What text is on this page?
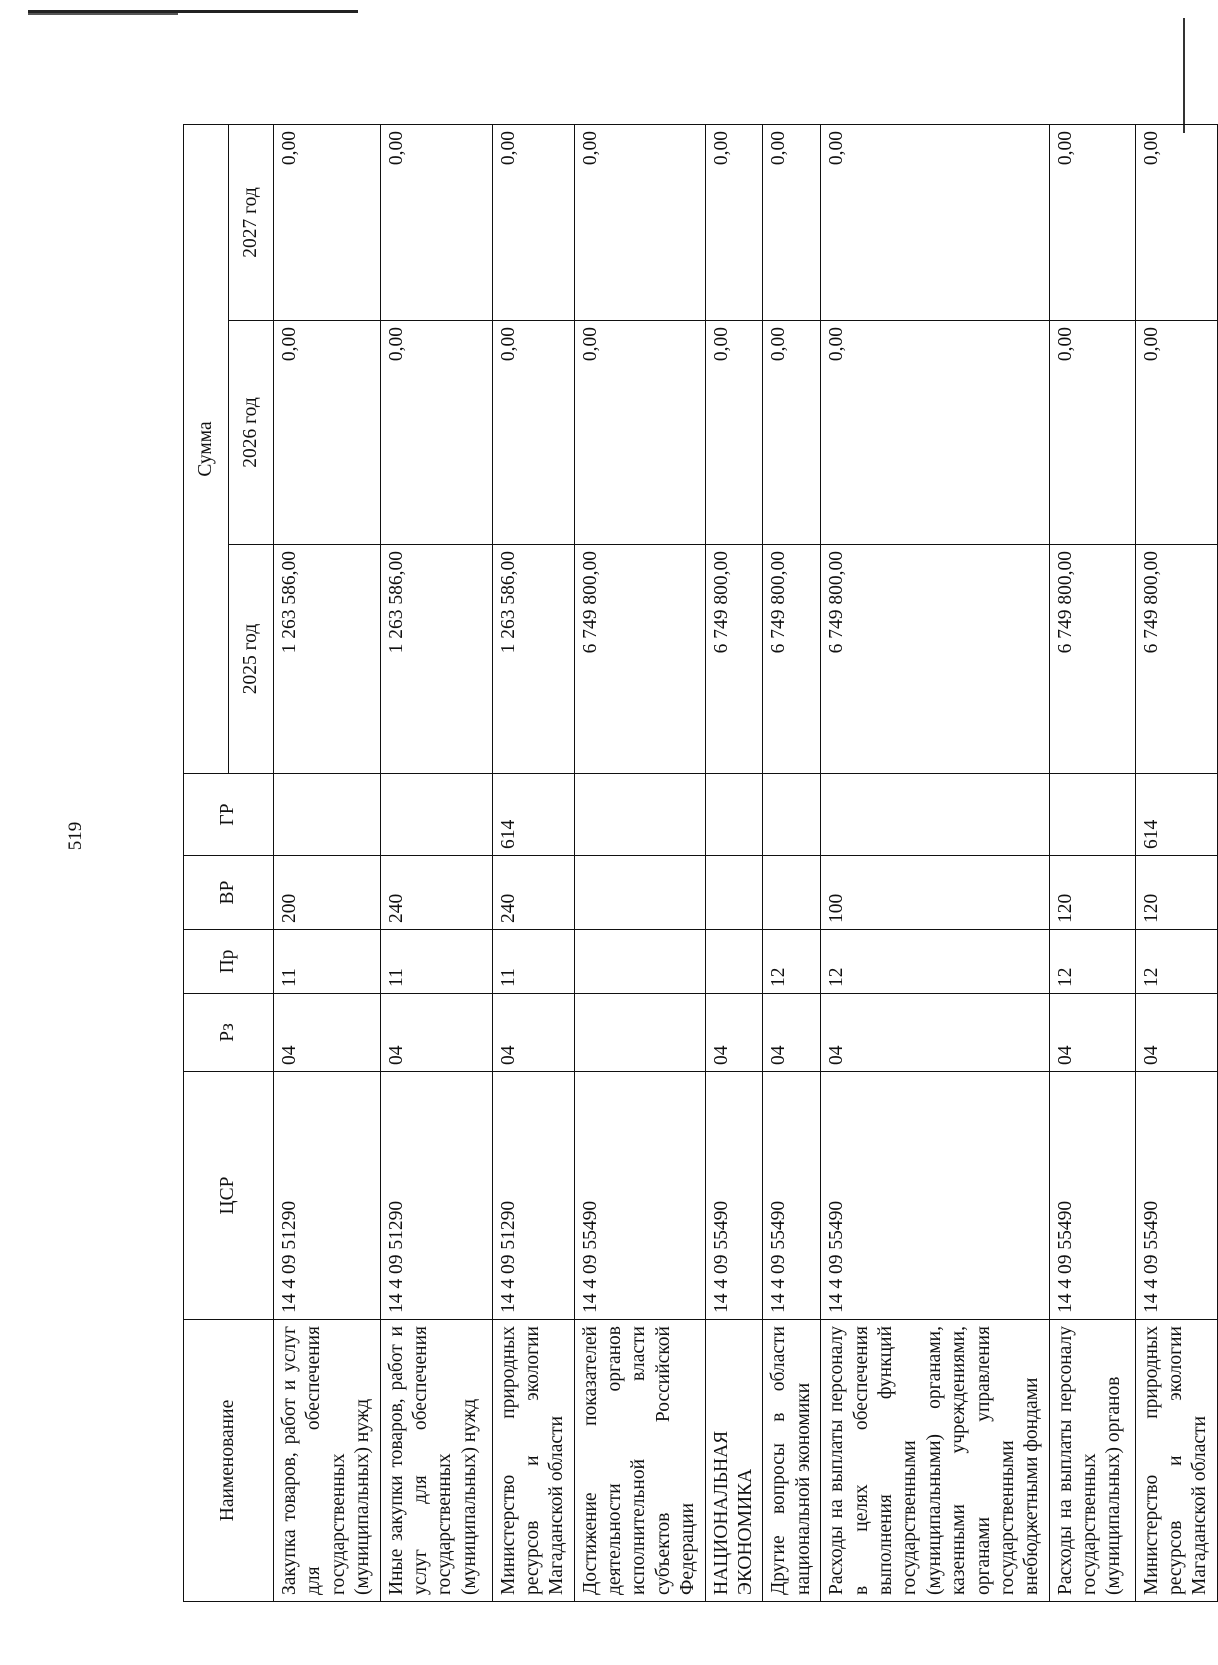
519
Наименование	ЦСР	Рз	Пр	ВР	ГР	Сумма		
						2025 год	2026 год	2027 год
Закупка товаров, работ и услуг для обеспечения государственных (муниципальных) нужд	14 4 09 51290	04	11	200		1 263 586,00	0,00	0,00
Иные закупки товаров, работ и услуг для обеспечения государственных (муниципальных) нужд	14 4 09 51290	04	11	240		1 263 586,00	0,00	0,00
Министерство природных ресурсов и экологии Магаданской области	14 4 09 51290	04	11	240	614	1 263 586,00	0,00	0,00
Достижение показателей деятельности органов исполнительной власти субъектов Российской Федерации	14 4 09 55490					6 749 800,00	0,00	0,00
НАЦИОНАЛЬНАЯ ЭКОНОМИКА	14 4 09 55490	04				6 749 800,00	0,00	0,00
Другие вопросы в области национальной экономики	14 4 09 55490	04	12			6 749 800,00	0,00	0,00
Расходы на выплаты персоналу в целях обеспечения выполнения функций государственными (муниципальными) органами, казенными учреждениями, органами управления государственными внебюджетными фондами	14 4 09 55490	04	12	100		6 749 800,00	0,00	0,00
Расходы на выплаты персоналу государственных (муниципальных) органов	14 4 09 55490	04	12	120		6 749 800,00	0,00	0,00
Министерство природных ресурсов и экологии Магаданской области	14 4 09 55490	04	12	120	614	6 749 800,00	0,00	0,00
